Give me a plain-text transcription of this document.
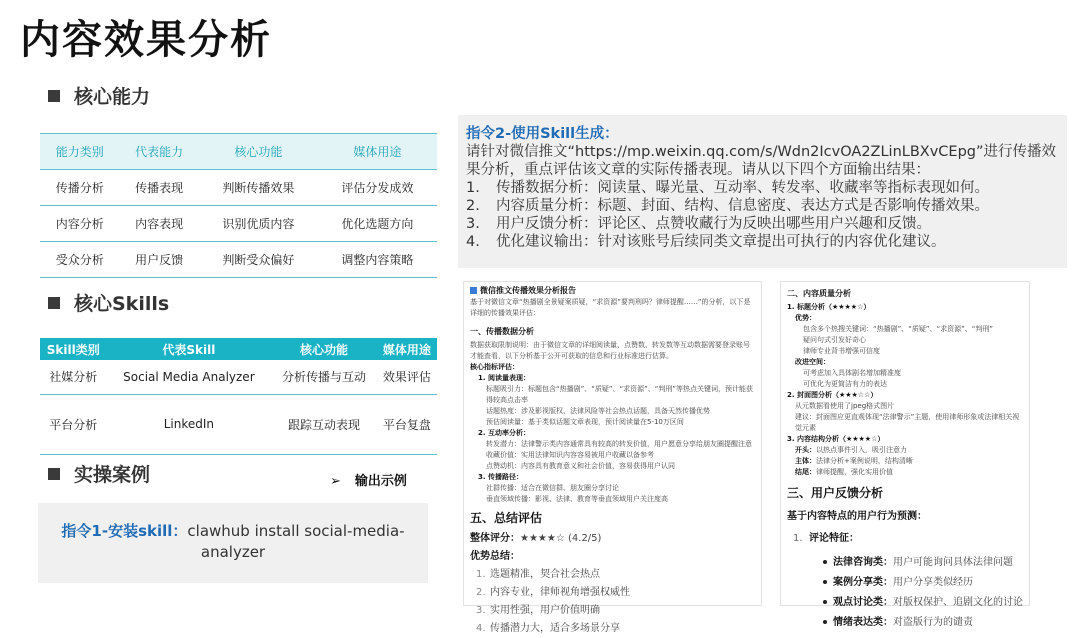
内容效果分析
核心能力
能力类别	代表能力	核心功能	媒体用途
传播分析	传播表现	判断传播效果	评估分发成效
内容分析	内容表现	识别优质内容	优化选题方向
受众分析	用户反馈	判断受众偏好	调整内容策略
核心Skills
Skill类别	代表Skill	核心功能	媒体用途
社媒分析	Social Media Analyzer	分析传播与互动	效果评估
平台分析	LinkedIn	跟踪互动表现	平台复盘
实操案例	➢ 输出示例
指令1-安装skill：clawhub install social-media-analyzer
指令2-使用Skill生成：
请针对微信推文“https://mp.weixin.qq.com/s/Wdn2IcvOA2ZLinLBXvCEpg”进行传播效果分析，重点评估该文章的实际传播表现。请从以下四个方面输出结果：
1.	传播数据分析：阅读量、曝光量、互动率、转发率、收藏率等指标表现如何。
2.	内容质量分析：标题、封面、结构、信息密度、表达方式是否影响传播效果。
3.	用户反馈分析：评论区、点赞收藏行为反映出哪些用户兴趣和反馈。
4.	优化建议输出：针对该账号后续同类文章提出可执行的内容优化建议。
微信推文传播效果分析报告
基于对微信文章“热播剧全景疑案质疑，“求资源”要判刑吗？律师提醒……”的分析，以下是详细的传播效果评估：
一、传播数据分析
数据获取限制说明：由于微信文章的详细阅读量、点赞数、转发数等互动数据需要登录账号才能查看，以下分析基于公开可获取的信息和行业标准进行估算。
核心指标评估：
1. 阅读量表现：
标题吸引力：标题包含“热播剧”、“质疑”、“求资源”、“判刑”等热点关键词，预计能获得较高点击率
话题热度：涉及影视版权、法律风险等社会热点话题，具备天然传播优势
预估阅读量：基于类似话题文章表现，预计阅读量在5-10万区间
2. 互动率分析：
转发潜力：法律警示类内容通常具有较高的转发价值，用户愿意分享给朋友圈提醒注意
收藏价值：实用法律知识内容容易被用户收藏以备参考
点赞动机：内容具有教育意义和社会价值，容易获得用户认同
3. 传播路径：
社群传播：适合在微信群、朋友圈分享讨论
垂直领域传播：影视、法律、教育等垂直领域用户关注度高
五、总结评估
整体评分：★★★★☆ (4.2/5)
优势总结：
1. 选题精准，契合社会热点
2. 内容专业，律师视角增强权威性
3. 实用性强，用户价值明确
4. 传播潜力大，适合多场景分享
二、内容质量分析
1. 标题分析（★★★★☆）
优势：
包含多个热搜关键词：“热播剧”、“质疑”、“求资源”、“判刑”
疑问句式引发好奇心
律师专业背书增强可信度
改进空间：
可考虑加入具体剧名增加精准度
可优化为更简洁有力的表达
2. 封面图分析（★★★☆☆）
从元数据看使用了jpeg格式图片
建议：封面图应更直观体现“法律警示”主题，使用律师形象或法律相关视觉元素
3. 内容结构分析（★★★★☆）
开头：以热点事件引入，吸引注意力
主体：法律分析+案例说明，结构清晰
结尾：律师提醒，强化实用价值
三、用户反馈分析
基于内容特点的用户行为预测：
1. 评论特征：
法律咨询类：用户可能询问具体法律问题
案例分享类：用户分享类似经历
观点讨论类：对版权保护、追剧文化的讨论
情绪表达类：对盗版行为的谴责
